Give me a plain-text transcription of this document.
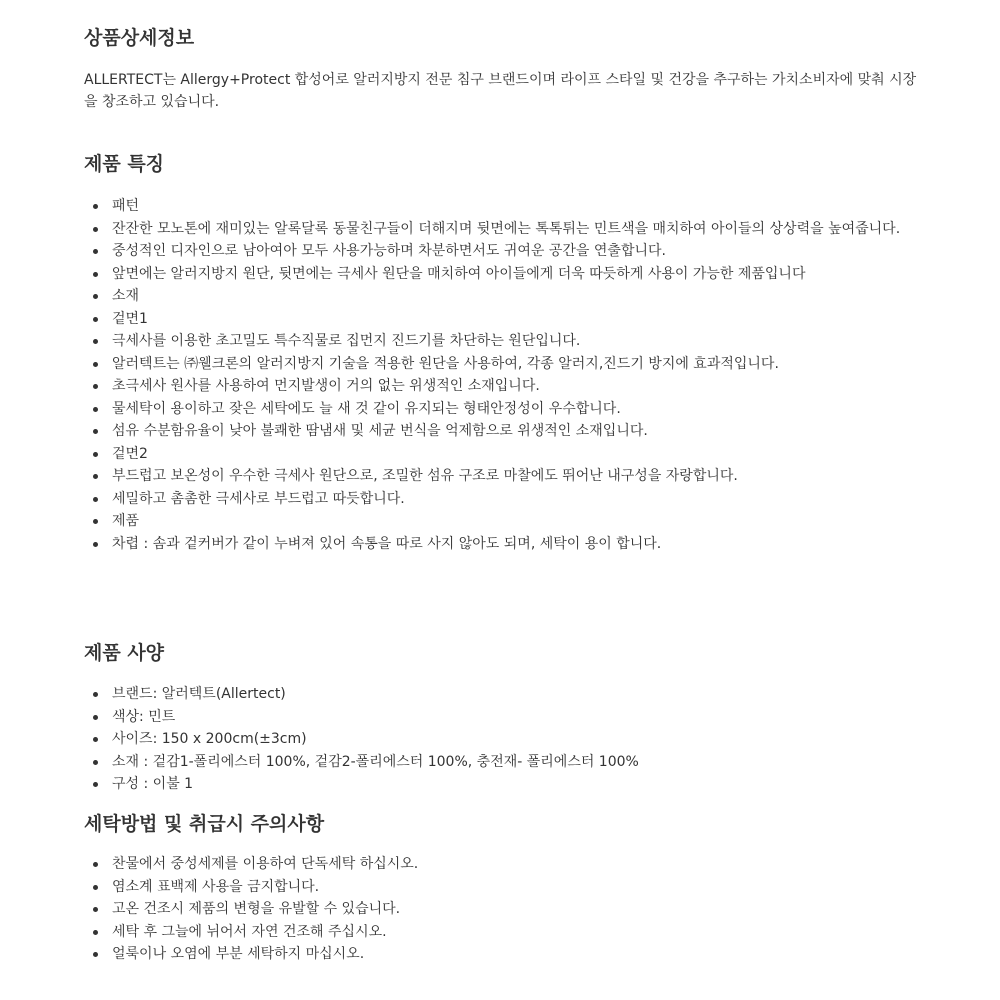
상품상세정보

ALLERTECT는 Allergy+Protect 합성어로 알러지방지 전문 침구 브랜드이며 라이프 스타일 및 건강을 추구하는 가치소비자에 맞춰 시장을 창조하고 있습니다.

제품 특징
패턴
잔잔한 모노톤에 재미있는 알록달록 동물친구들이 더해지며 뒷면에는 톡톡튀는 민트색을 매치하여 아이들의 상상력을 높여줍니다.
중성적인 디자인으로 남아여아 모두 사용가능하며 차분하면서도 귀여운 공간을 연출합니다.
앞면에는 알러지방지 원단, 뒷면에는 극세사 원단을 매치하여 아이들에게 더욱 따듯하게 사용이 가능한 제품입니다
소재
겉면1
극세사를 이용한 초고밀도 특수직물로 집먼지 진드기를 차단하는 원단입니다.
알러텍트는 ㈜웰크론의 알러지방지 기술을 적용한 원단을 사용하여, 각종 알러지,진드기 방지에 효과적입니다.
초극세사 원사를 사용하여 먼지발생이 거의 없는 위생적인 소재입니다.
물세탁이 용이하고 잦은 세탁에도 늘 새 것 같이 유지되는 형태안정성이 우수합니다.
섬유 수분함유율이 낮아 불쾌한 땀냄새 및 세균 번식을 억제함으로 위생적인 소재입니다.
겉면2
부드럽고 보온성이 우수한 극세사 원단으로, 조밀한 섬유 구조로 마찰에도 뛰어난 내구성을 자랑합니다.
세밀하고 촘촘한 극세사로 부드럽고 따듯합니다.
제품
차렵 : 솜과 겉커버가 같이 누벼져 있어 속통을 따로 사지 않아도 되며, 세탁이 용이 합니다.
제품 사양
브랜드: 알러텍트(Allertect)
색상: 민트
사이즈: 150 x 200cm(±3cm)
소재 : 겉감1-폴리에스터 100%, 겉감2-폴리에스터 100%, 충전재- 폴리에스터 100%
구성 : 이불 1
세탁방법 및 취급시 주의사항
찬물에서 중성세제를 이용하여 단독세탁 하십시오.
염소계 표백제 사용을 금지합니다.
고온 건조시 제품의 변형을 유발할 수 있습니다.
세탁 후 그늘에 뉘어서 자연 건조해 주십시오.
얼룩이나 오염에 부분 세탁하지 마십시오.
